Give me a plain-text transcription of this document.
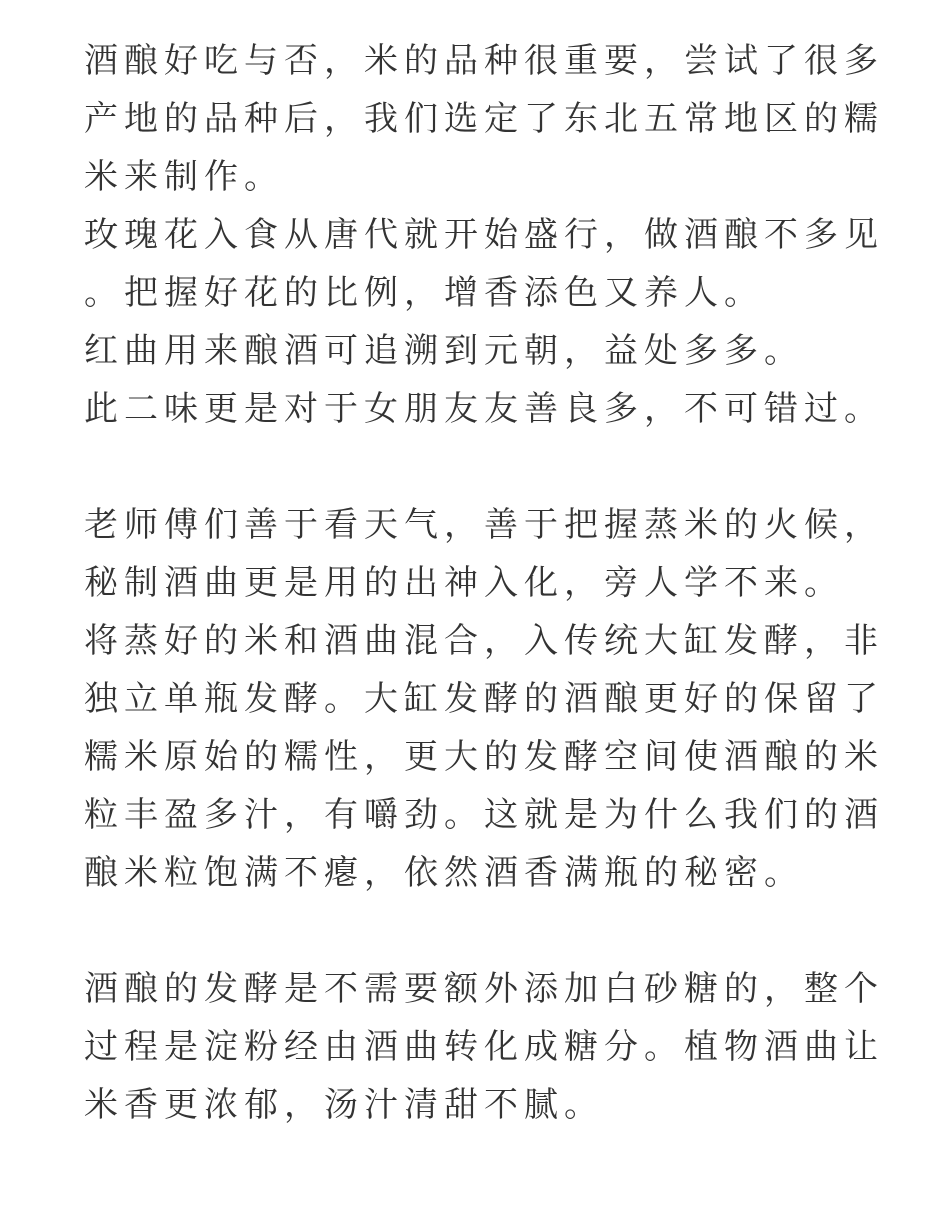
酒酿好吃与否，米的品种很重要，尝试了很多
产地的品种后，我们选定了东北五常地区的糯
米来制作。
玫瑰花入食从唐代就开始盛行，做酒酿不多见
。把握好花的比例，增香添色又养人。
红曲用来酿酒可追溯到元朝，益处多多。
此二味更是对于女朋友友善良多，不可错过。
老师傅们善于看天气，善于把握蒸米的火候，
秘制酒曲更是用的出神入化，旁人学不来。
将蒸好的米和酒曲混合，入传统大缸发酵，非
独立单瓶发酵。大缸发酵的酒酿更好的保留了
糯米原始的糯性，更大的发酵空间使酒酿的米
粒丰盈多汁，有嚼劲。这就是为什么我们的酒
酿米粒饱满不瘪，依然酒香满瓶的秘密。
酒酿的发酵是不需要额外添加白砂糖的，整个
过程是淀粉经由酒曲转化成糖分。植物酒曲让
米香更浓郁，汤汁清甜不腻。
